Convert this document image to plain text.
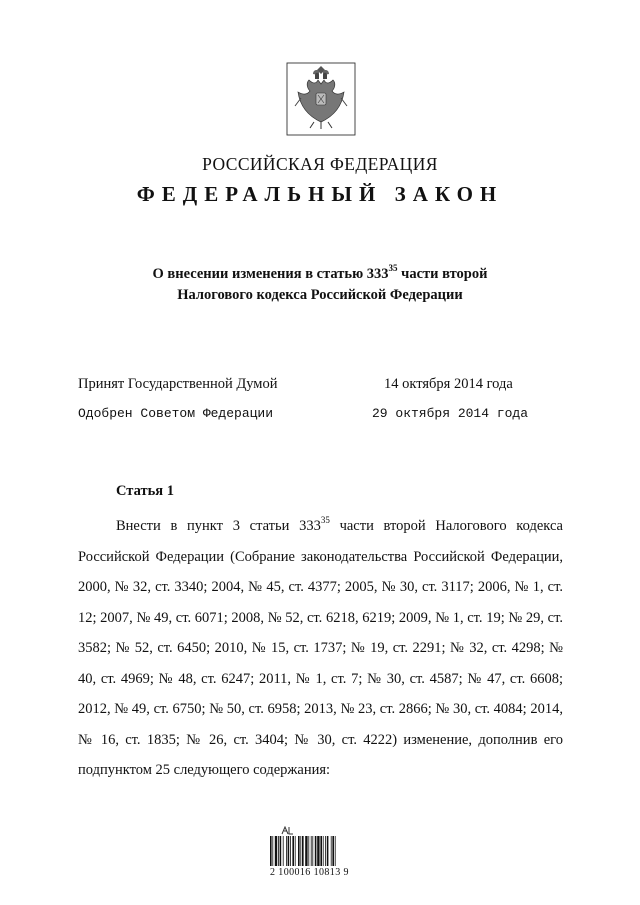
РОССИЙСКАЯ ФЕДЕРАЦИЯ
ФЕДЕРАЛЬНЫЙ ЗАКОН
О внесении изменения в статью $333^{35}$ части второй
Налогового кодекса Российской Федерации
Принят Государственной Думой	14 октября 2014 года
Одобрен Советом Федерации	29 октября 2014 года
Статья 1
Внести в пункт 3 статьи $333^{35}$ части второй Налогового кодекса Российской Федерации (Собрание законодательства Российской Федерации, 2000, № 32, ст. 3340; 2004, № 45, ст. 4377; 2005, № 30, ст. 3117; 2006, № 1, ст. 12; 2007, № 49, ст. 6071; 2008, № 52, ст. 6218, 6219; 2009, № 1, ст. 19; № 29, ст. 3582; № 52, ст. 6450; 2010, № 15, ст. 1737; № 19, ст. 2291; № 32, ст. 4298; № 40, ст. 4969; № 48, ст. 6247; 2011, № 1, ст. 7; № 30, ст. 4587; № 47, ст. 6608; 2012, № 49, ст. 6750; № 50, ст. 6958; 2013, № 23, ст. 2866; № 30, ст. 4084; 2014, № 16, ст. 1835; № 26, ст. 3404; № 30, ст. 4222) изменение, дополнив его подпунктом 25 следующего содержания:
2 100016 10813 9
